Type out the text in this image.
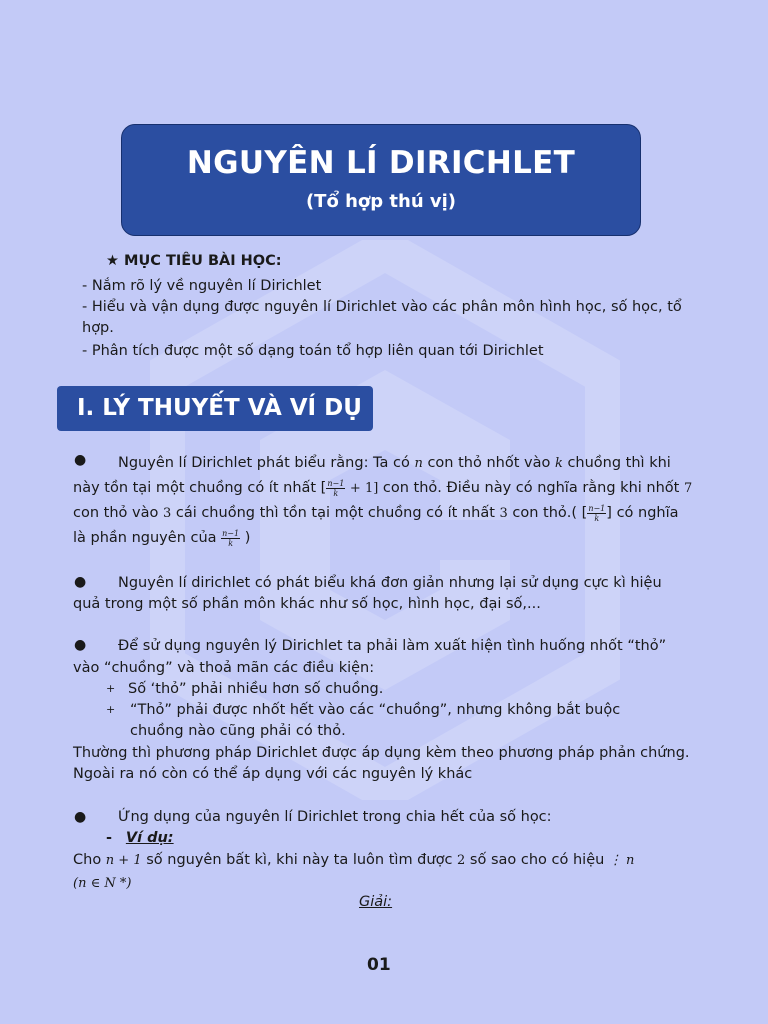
NGUYÊN LÍ DIRICHLET
(Tổ hợp thú vị)
★ MỤC TIÊU BÀI HỌC:
- Nắm rõ lý về nguyên lí Dirichlet
- Hiểu và vận dụng được nguyên lí Dirichlet vào các phân môn hình học, số học, tổ hợp.
- Phân tích được một số dạng toán tổ hợp liên quan tới Dirichlet
I. LÝ THUYẾT VÀ VÍ DỤ
●	Nguyên lí Dirichlet phát biểu rằng: Ta có n con thỏ nhốt vào k chuồng thì khi này tồn tại một chuồng có ít nhất [ $\frac{n-1}{k} + 1$] con thỏ. Điều này có nghĩa rằng khi nhốt 7 con thỏ vào 3 cái chuồng thì tồn tại một chuồng có ít nhất 3 con thỏ.( [ $\frac{n-1}{k}$ ] có nghĩa là phần nguyên của $\frac{n-1}{k}$ )
●	Nguyên lí dirichlet có phát biểu khá đơn giản nhưng lại sử dụng cực kì hiệu quả trong một số phần môn khác như số học, hình học, đại số,...
●	Để sử dụng nguyên lý Dirichlet ta phải làm xuất hiện tình huống nhốt “thỏ”
vào “chuồng” và thoả mãn các điều kiện:
+ Số ‘thỏ” phải nhiều hơn số chuồng.
+ “Thỏ” phải được nhốt hết vào các “chuồng”, nhưng không bắt buộc
chuồng nào cũng phải có thỏ.
Thường thì phương pháp Dirichlet được áp dụng kèm theo phương pháp phản chứng. Ngoài ra nó còn có thể áp dụng với các nguyên lý khác
●	Ứng dụng của nguyên lí Dirichlet trong chia hết của số học:
- Ví dụ:
Cho n + 1 số nguyên bất kì, khi này ta luôn tìm được 2 số sao cho có hiệu ⋮ n
(n ∈ N *)
Giải:
01
